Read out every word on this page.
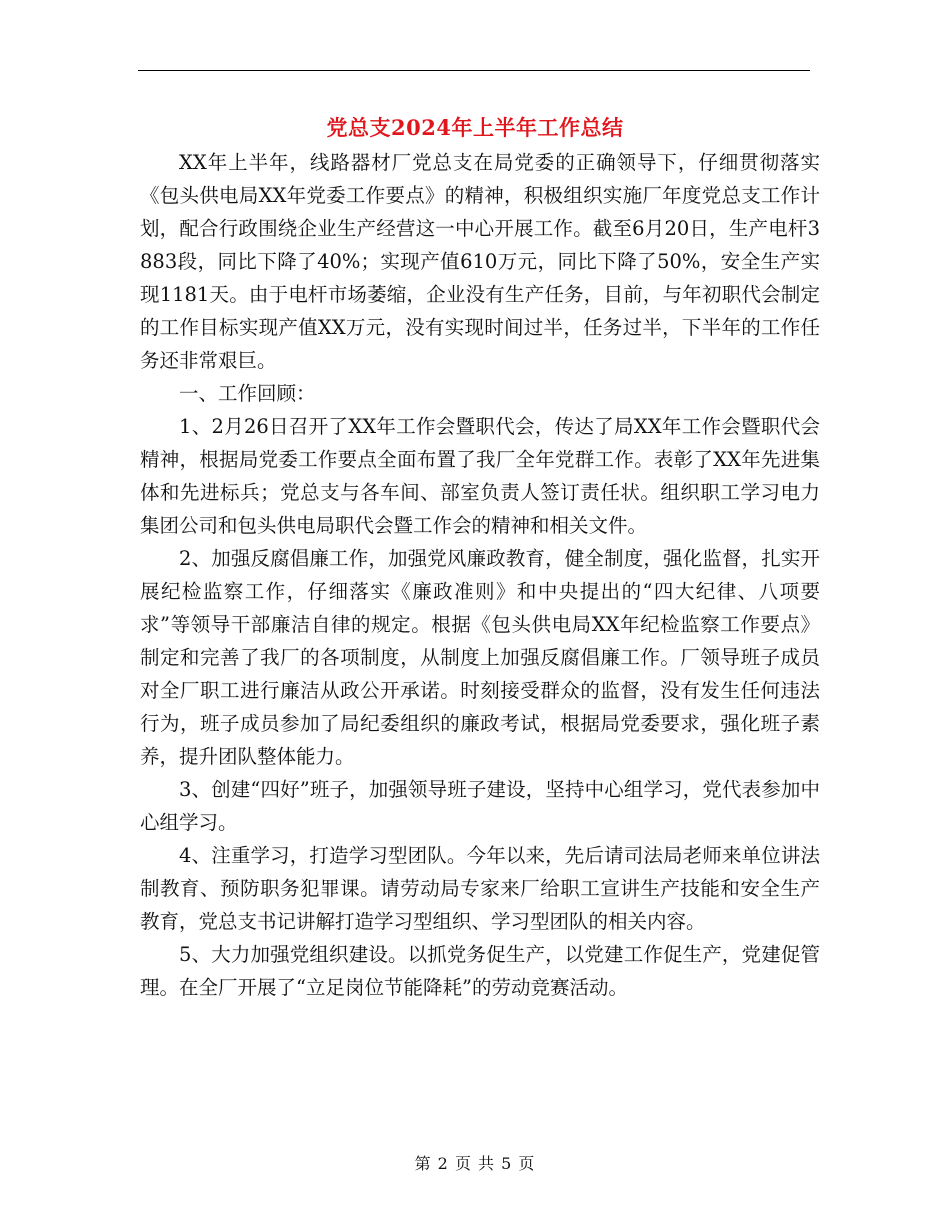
党总支2024年上半年工作总结

XX年上半年，线路器材厂党总支在局党委的正确领导下，仔细贯彻落实《包头供电局XX年党委工作要点》的精神，积极组织实施厂年度党总支工作计划，配合行政围绕企业生产经营这一中心开展工作。截至6月20日，生产电杆3883段，同比下降了40%；实现产值610万元，同比下降了50%，安全生产实现1181天。由于电杆市场萎缩，企业没有生产任务，目前，与年初职代会制定的工作目标实现产值XX万元，没有实现时间过半，任务过半，下半年的工作任务还非常艰巨。

一、工作回顾：

1、2月26日召开了XX年工作会暨职代会，传达了局XX年工作会暨职代会精神，根据局党委工作要点全面布置了我厂全年党群工作。表彰了XX年先进集体和先进标兵；党总支与各车间、部室负责人签订责任状。组织职工学习电力集团公司和包头供电局职代会暨工作会的精神和相关文件。

2、加强反腐倡廉工作，加强党风廉政教育，健全制度，强化监督，扎实开展纪检监察工作，仔细落实《廉政准则》和中央提出的“四大纪律、八项要求”等领导干部廉洁自律的规定。根据《包头供电局XX年纪检监察工作要点》制定和完善了我厂的各项制度，从制度上加强反腐倡廉工作。厂领导班子成员对全厂职工进行廉洁从政公开承诺。时刻接受群众的监督，没有发生任何违法行为，班子成员参加了局纪委组织的廉政考试，根据局党委要求，强化班子素养，提升团队整体能力。

3、创建“四好”班子，加强领导班子建设，坚持中心组学习，党代表参加中心组学习。

4、注重学习，打造学习型团队。今年以来，先后请司法局老师来单位讲法制教育、预防职务犯罪课。请劳动局专家来厂给职工宣讲生产技能和安全生产教育，党总支书记讲解打造学习型组织、学习型团队的相关内容。

5、大力加强党组织建设。以抓党务促生产，以党建工作促生产，党建促管理。在全厂开展了“立足岗位节能降耗”的劳动竞赛活动。

第 2 页 共 5 页
